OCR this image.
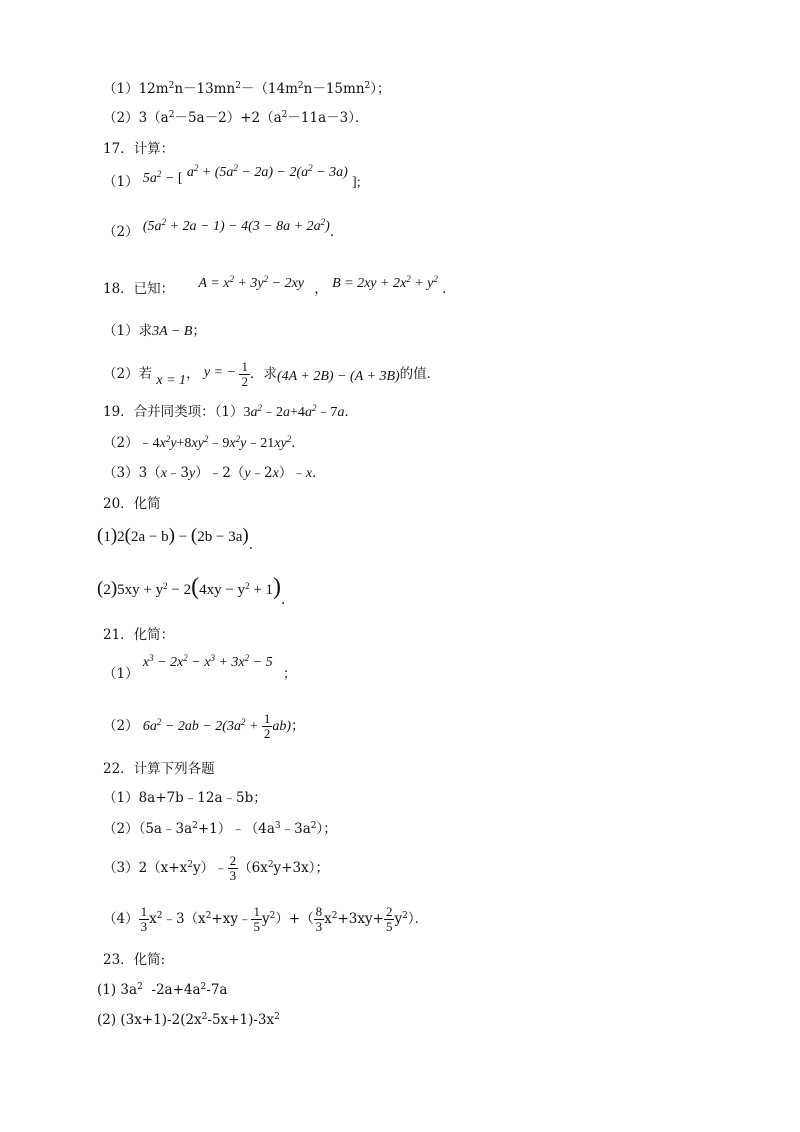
$(1)12m^2n-13mn^2-(14m^2n-15mn^2)$；
$(2)3(a^2-5a-2)+2(a^2-11a-3)$．
17．计算：
（1） $5a^2$ − [ $a^2 + (5a^2 - 2a) - 2(a^2 - 3a)$ ];
（2） $(5a^2 + 2a - 1) - 4(3 - 8a + 2a^2)$.
18．已知： $A = x^2 + 3y^2 - 2xy$ ， $B = 2xy + 2x^2 + y^2$ ．
（1）求3A − B；
（2）若 x = 1， y = − $\frac{1}{2}$ ．求(4A + 2B) − (A + 3B)的值．
19．合并同类项：$(1)3a^2﹣2a+4a^2﹣7a$．
$(2)﹣4x^2y+8xy^2﹣9x^2y﹣21xy^2$．
（3）3（x﹣3y）﹣2（y﹣2x）﹣x．
20．化简
(1)2(2a − b) − (2b − 3a).
$(2)5xy + y^2 - 2(4xy - y^2 + 1)$.
21．化简：
（1） $x^3 - 2x^2 - x^3 + 3x^2 - 5$ ；
（2） $6a^2 - 2ab - 2(3a^2 + \frac{1}{2} ab)$；
22．计算下列各题
（1）8a+7b﹣12a﹣5b；
$(2)(5a﹣3a^2+1)﹣(4a^3﹣3a^2)$；
$(3)2(x+x^2y)﹣ \frac{2}{3} (6x^2y+3x)$；
$(4) \frac{1}{3}$ $x^2﹣3(x^2+xy﹣ \frac{1}{5} y^2)+( \frac{8}{3} x^2+3xy+ \frac{2}{5} y^2)$．
23．化简:
(1) $3a^2$  $-2a+4a^2-7a$
(2) $(3x+1)-2(2x^2-5x+1)-3x^2$
